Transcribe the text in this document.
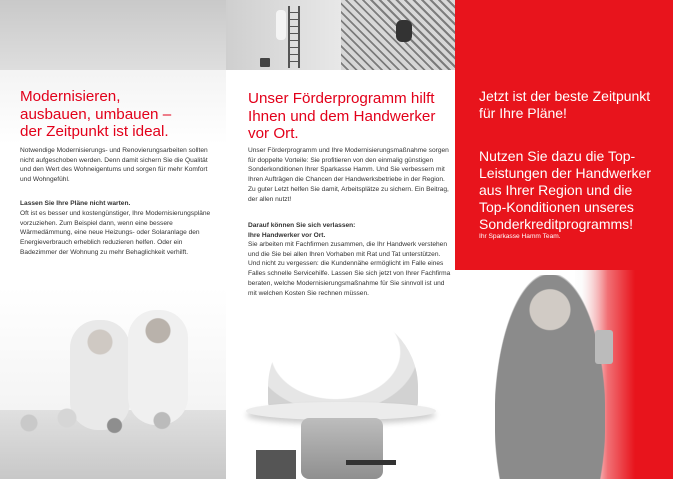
Modernisieren,
ausbauen, umbauen –
der Zeitpunkt ist ideal.
Notwendige Modernisierungs- und Renovierungsarbeiten sollten nicht aufgeschoben werden. Denn damit sichern Sie die Qualität und den Wert des Wohneigentums und sorgen für mehr Komfort und Wohngefühl.
Lassen Sie Ihre Pläne nicht warten.
Oft ist es besser und kostengünstiger, Ihre Modernisierungspläne vorzuziehen. Zum Beispiel dann, wenn eine bessere Wärmedämmung, eine neue Heizungs- oder Solaranlage den Energieverbrauch erheblich reduzieren helfen. Oder ein Badezimmer der Wohnung zu mehr Behaglichkeit verhilft.
Unser Förderprogramm hilft Ihnen und dem Handwerker vor Ort.
Unser Förderprogramm und Ihre Modernisierungsmaßnahme sorgen für doppelte Vorteile: Sie profitieren von den einmalig günstigen Sonderkonditionen Ihrer Sparkasse Hamm. Und Sie verbessern mit Ihren Aufträgen die Chancen der Handwerksbetriebe in der Region. Zu guter Letzt helfen Sie damit, Arbeitsplätze zu sichern. Ein Beitrag, der allen nutzt!
Darauf können Sie sich verlassen:
Ihre Handwerker vor Ort.
Sie arbeiten mit Fachfirmen zusammen, die Ihr Handwerk verstehen und die Sie bei allen Ihren Vorhaben mit Rat und Tat unterstützen. Und nicht zu vergessen: die Kundennähe ermöglicht im Falle eines Falles schnelle Servicehilfe. Lassen Sie sich jetzt von Ihrer Fachfirma beraten, welche Modernisierungsmaßnahme für Sie sinnvoll ist und mit welchen Kosten Sie rechnen müssen.
Jetzt ist der beste Zeitpunkt
für Ihre Pläne!
Nutzen Sie dazu die Top-
Leistungen der Handwerker
aus Ihrer Region und die
Top-Konditionen unseres
Sonderkreditprogramms!
Ihr Sparkasse Hamm Team.
